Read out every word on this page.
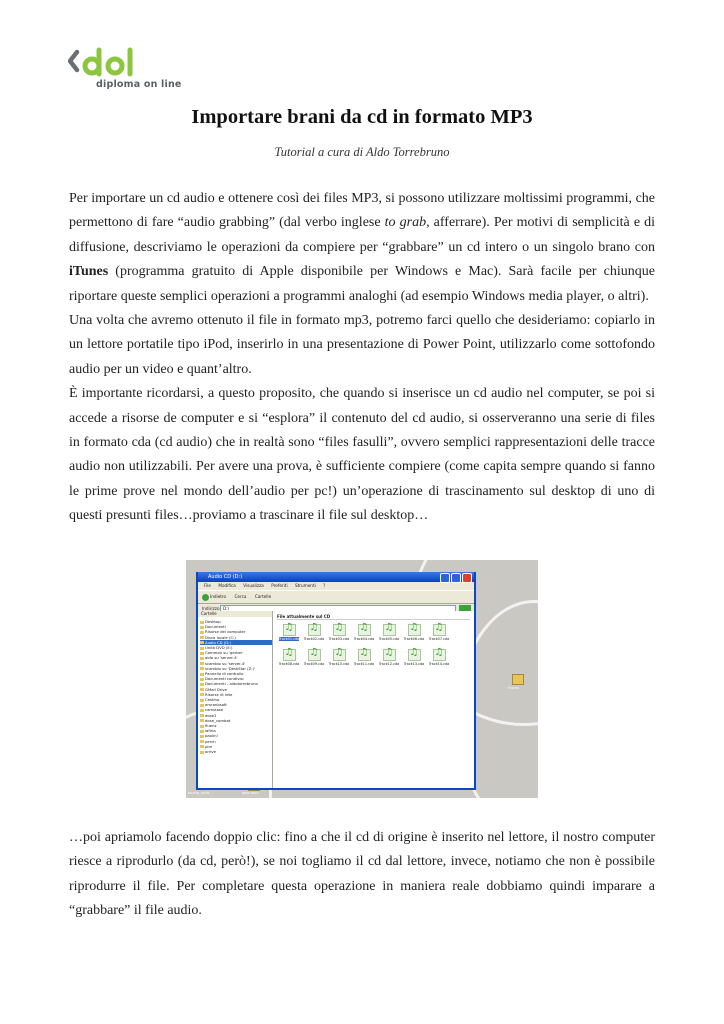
diploma on line
Importare brani da cd in formato MP3
Tutorial a cura di Aldo Torrebruno

Per importare un cd audio e ottenere così dei files MP3, si possono utilizzare moltissimi programmi, che permettono di fare “audio grabbing” (dal verbo inglese to grab, afferrare). Per motivi di semplicità e di diffusione, descriviamo le operazioni da compiere per “grabbare” un cd intero o un singolo brano con iTunes (programma gratuito di Apple disponibile per Windows e Mac). Sarà facile per chiunque riportare queste semplici operazioni a programmi analoghi (ad esempio Windows media player, o altri).

Una volta che avremo ottenuto il file in formato mp3, potremo farci quello che desideriamo: copiarlo in un lettore portatile tipo iPod, inserirlo in una presentazione di Power Point, utilizzarlo come sottofondo audio per un video e quant’altro.

È importante ricordarsi, a questo proposito, che quando si inserisce un cd audio nel computer, se poi si accede a risorse de computer e si “esplora” il contenuto del cd audio, si osserveranno una serie di files in formato cda (cd audio) che in realtà sono “files fasulli”, ovvero semplici rappresentazioni delle tracce audio non utilizzabili. Per avere una prova, è sufficiente compiere (come capita sempre quando si fanno le prime prove nel mondo dell’audio per pc!) un’operazione di trascinamento sul desktop di uno di questi presunti files…proviamo a trascinare il file sul desktop…

tracks
ipod.ipod
studio_sicilt...
Audio CD (D:)
File Modifica Visualizza Preferiti Strumenti ?
Indietro Cerca Cartelle
Indirizzo D:\
Cartelle
Desktop
Documenti
Risorse del computer
Disco locale (C:)
Audio CD (D:)
Unità DVD (E:)
Common su 'gerber'
aldo su 'server-4'
scambio su 'server-4'
scambio su 'DeskStar (Z:)'
Pannello di controllo
Documenti condivisi
Documenti - aldotorrebruno
GMail Drive
Risorse di rete
Cestino
amranbsoft
camstase
dose1
dose_combat
fluenz
lafirla
paolini
perch
pim
arrive
File attualmente sul CD
♫
Track01.cda
♫	Track02.cda
♫	Track03.cda
♫	Track04.cda
♫	Track05.cda
♫	Track06.cda
♫	Track07.cda
♫
Track08.cda
♫	Track09.cda
♫	Track10.cda
♫	Track11.cda
♫	Track12.cda
♫	Track13.cda
♫	Track14.cda

…poi apriamolo facendo doppio clic: fino a che il cd di origine è inserito nel lettore, il nostro computer riesce a riprodurlo (da cd, però!), se noi togliamo il cd dal lettore, invece, notiamo che non è possibile riprodurre il file. Per completare questa operazione in maniera reale dobbiamo quindi imparare a “grabbare” il file audio.
